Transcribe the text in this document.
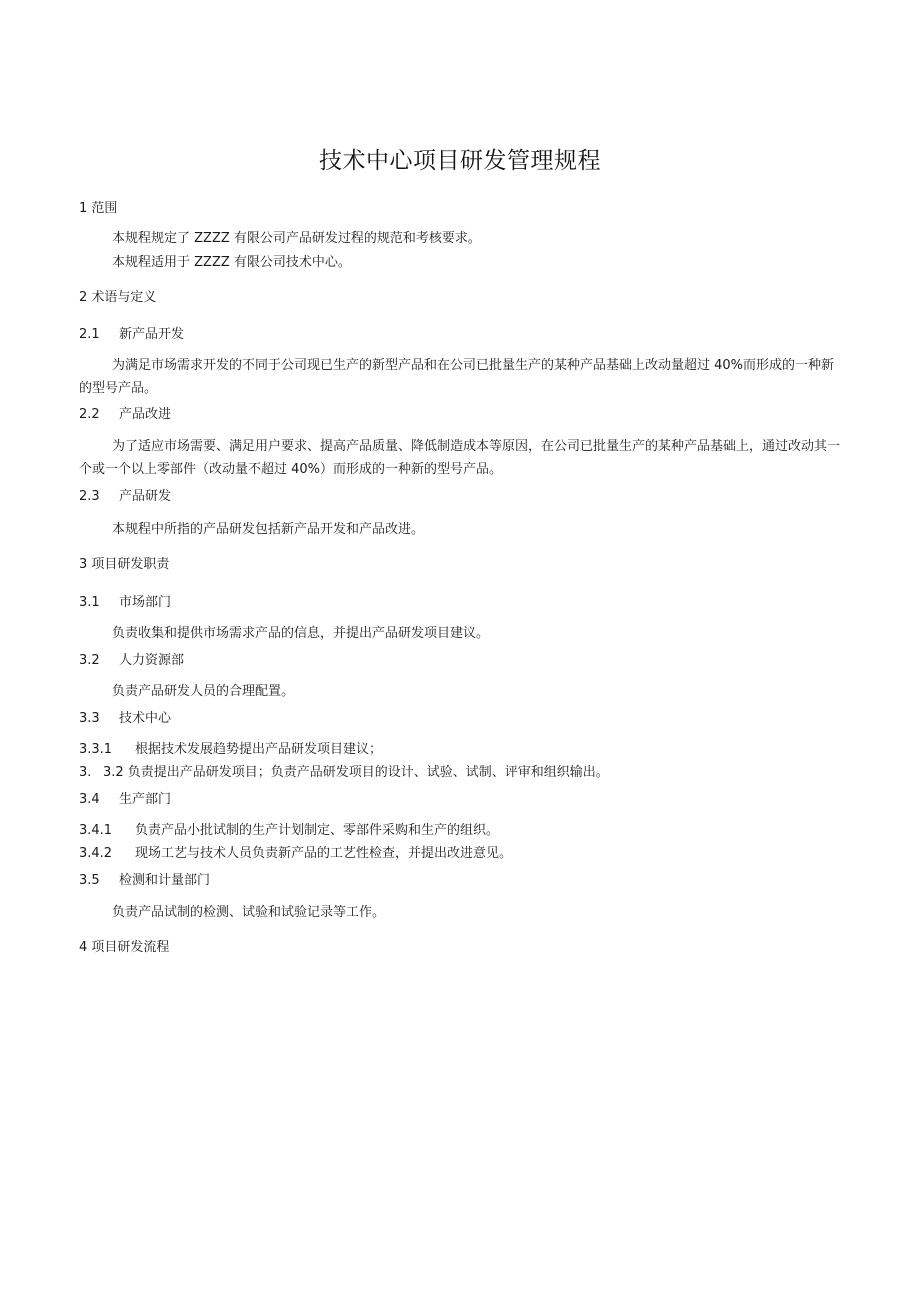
技术中心项目研发管理规程
1 范围
本规程规定了 ZZZZ 有限公司产品研发过程的规范和考核要求。
本规程适用于 ZZZZ 有限公司技术中心。
2 术语与定义
2.1 新产品开发
为满足市场需求开发的不同于公司现已生产的新型产品和在公司已批量生产的某种产品基础上改动量超过 40%而形成的一种新的型号产品。
2.2 产品改进
为了适应市场需要、满足用户要求、提高产品质量、降低制造成本等原因，在公司已批量生产的某种产品基础上，通过改动其一个或一个以上零部件（改动量不超过 40%）而形成的一种新的型号产品。
2.3 产品研发
本规程中所指的产品研发包括新产品开发和产品改进。
3 项目研发职责
3.1 市场部门
负责收集和提供市场需求产品的信息，并提出产品研发项目建议。
3.2 人力资源部
负责产品研发人员的合理配置。
3.3 技术中心
3.3.1 根据技术发展趋势提出产品研发项目建议；
3. 3.2 负责提出产品研发项目；负责产品研发项目的设计、试验、试制、评审和组织输出。
3.4 生产部门
3.4.1 负责产品小批试制的生产计划制定、零部件采购和生产的组织。
3.4.2 现场工艺与技术人员负责新产品的工艺性检查，并提出改进意见。
3.5 检测和计量部门
负责产品试制的检测、试验和试验记录等工作。
4 项目研发流程
